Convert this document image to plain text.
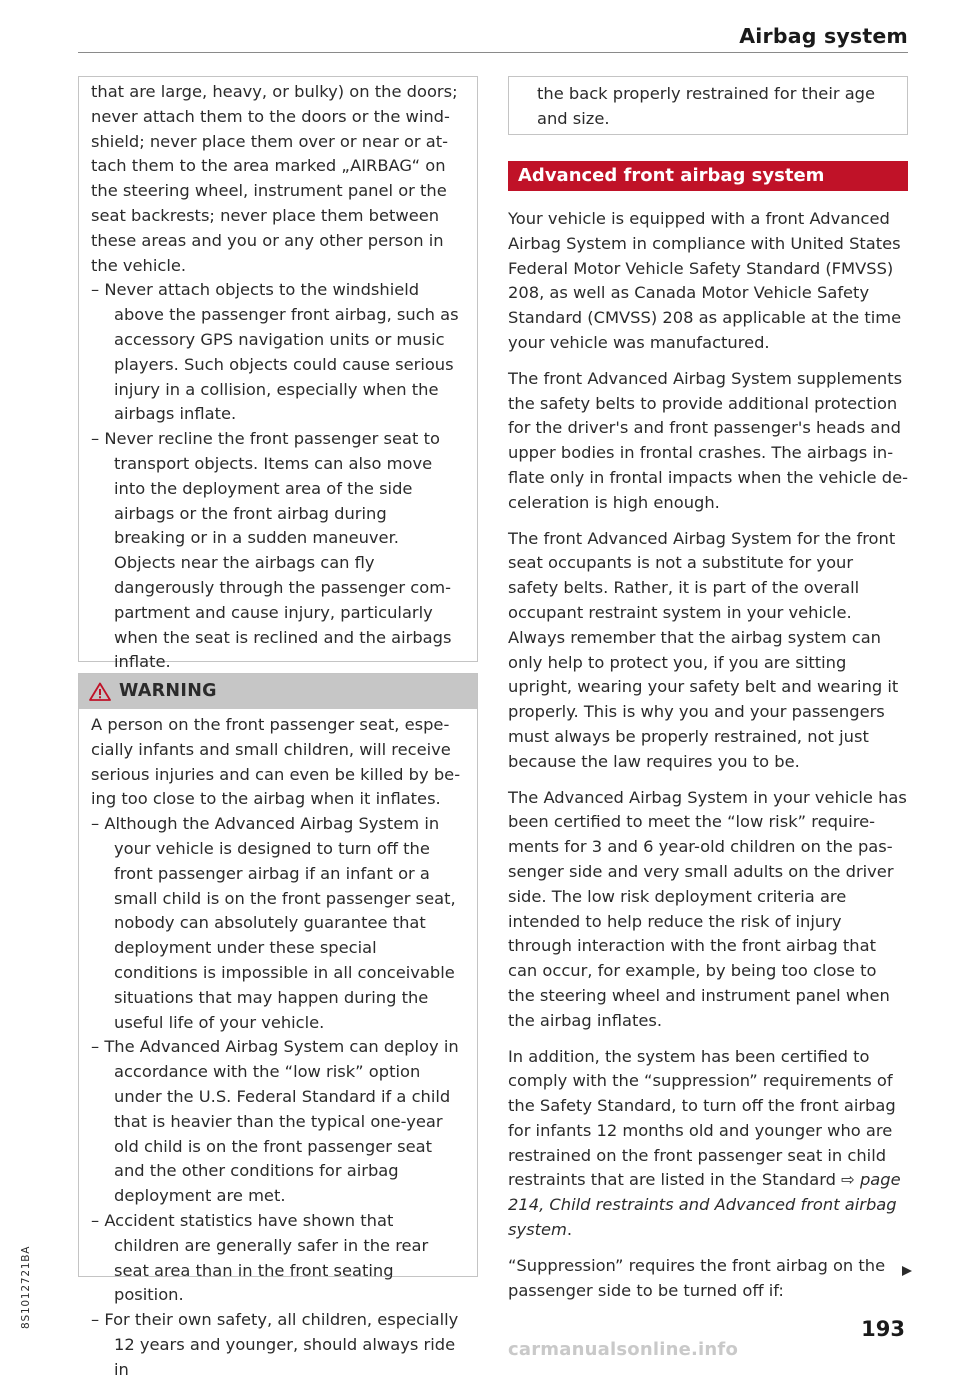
Airbag system

that are large, heavy, or bulky) on the doors; never attach them to the doors or the windshield; never place them over or near or attach them to the area marked „AIRBAG“ on the steering wheel, instrument panel or the seat backrests; never place them between these areas and you or any other person in the vehicle.

– Never attach objects to the windshield above the passenger front airbag, such as accessory GPS navigation units or music players. Such objects could cause serious injury in a collision, especially when the airbags inflate.

– Never recline the front passenger seat to transport objects. Items can also move into the deployment area of the side airbags or the front airbag during breaking or in a sudden maneuver. Objects near the airbags can fly dangerously through the passenger compartment and cause injury, particularly when the seat is reclined and the airbags inflate.

WARNING

A person on the front passenger seat, especially infants and small children, will receive serious injuries and can even be killed by being too close to the airbag when it inflates.

– Although the Advanced Airbag System in your vehicle is designed to turn off the front passenger airbag if an infant or a small child is on the front passenger seat, nobody can absolutely guarantee that deployment under these special conditions is impossible in all conceivable situations that may happen during the useful life of your vehicle.

– The Advanced Airbag System can deploy in accordance with the “low risk” option under the U.S. Federal Standard if a child that is heavier than the typical one-year old child is on the front passenger seat and the other conditions for airbag deployment are met.

– Accident statistics have shown that children are generally safer in the rear seat area than in the front seating position.

– For their own safety, all children, especially 12 years and younger, should always ride in

the back properly restrained for their age and size.

Advanced front airbag system

Your vehicle is equipped with a front Advanced Airbag System in compliance with United States Federal Motor Vehicle Safety Standard (FMVSS) 208, as well as Canada Motor Vehicle Safety Standard (CMVSS) 208 as applicable at the time your vehicle was manufactured.

The front Advanced Airbag System supplements the safety belts to provide additional protection for the driver's and front passenger's heads and upper bodies in frontal crashes. The airbags inflate only in frontal impacts when the vehicle deceleration is high enough.

The front Advanced Airbag System for the front seat occupants is not a substitute for your safety belts. Rather, it is part of the overall occupant restraint system in your vehicle. Always remember that the airbag system can only help to protect you, if you are sitting upright, wearing your safety belt and wearing it properly. This is why you and your passengers must always be properly restrained, not just because the law requires you to be.

The Advanced Airbag System in your vehicle has been certified to meet the “low risk” requirements for 3 and 6 year-old children on the passenger side and very small adults on the driver side. The low risk deployment criteria are intended to help reduce the risk of injury through interaction with the front airbag that can occur, for example, by being too close to the steering wheel and instrument panel when the airbag inflates.

In addition, the system has been certified to comply with the “suppression” requirements of the Safety Standard, to turn off the front airbag for infants 12 months old and younger who are restrained on the front passenger seat in child restraints that are listed in the Standard ⇨ page 214, Child restraints and Advanced front airbag system.

“Suppression” requires the front airbag on the passenger side to be turned off if:

193
8S1012721BA
carmanualsonline.info
